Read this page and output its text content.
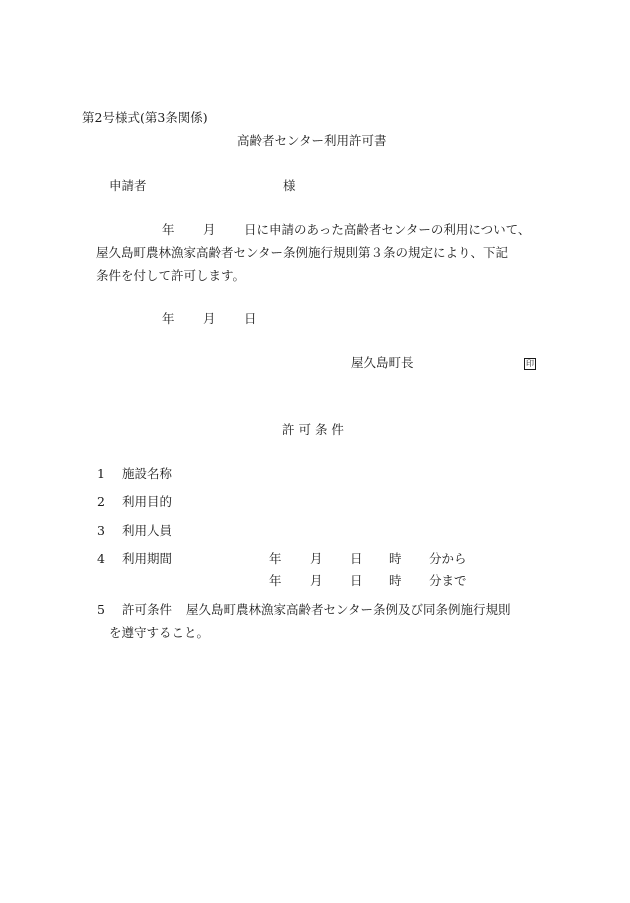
第2号様式(第3条関係)
高齢者センター利用許可書
申請者	様
年 月 日に申請のあった高齢者センターの利用について、
屋久島町農林漁家高齢者センター条例施行規則第３条の規定により、下記
条件を付して許可します。
年 月 日
屋久島町長	印
許 可 条 件
1 施設名称
2 利用目的
3 利用人員
4 利用期間	年 月 日 時 分から
年 月 日 時 分まで
5 許可条件 屋久島町農林漁家高齢者センター条例及び同条例施行規則
を遵守すること。
